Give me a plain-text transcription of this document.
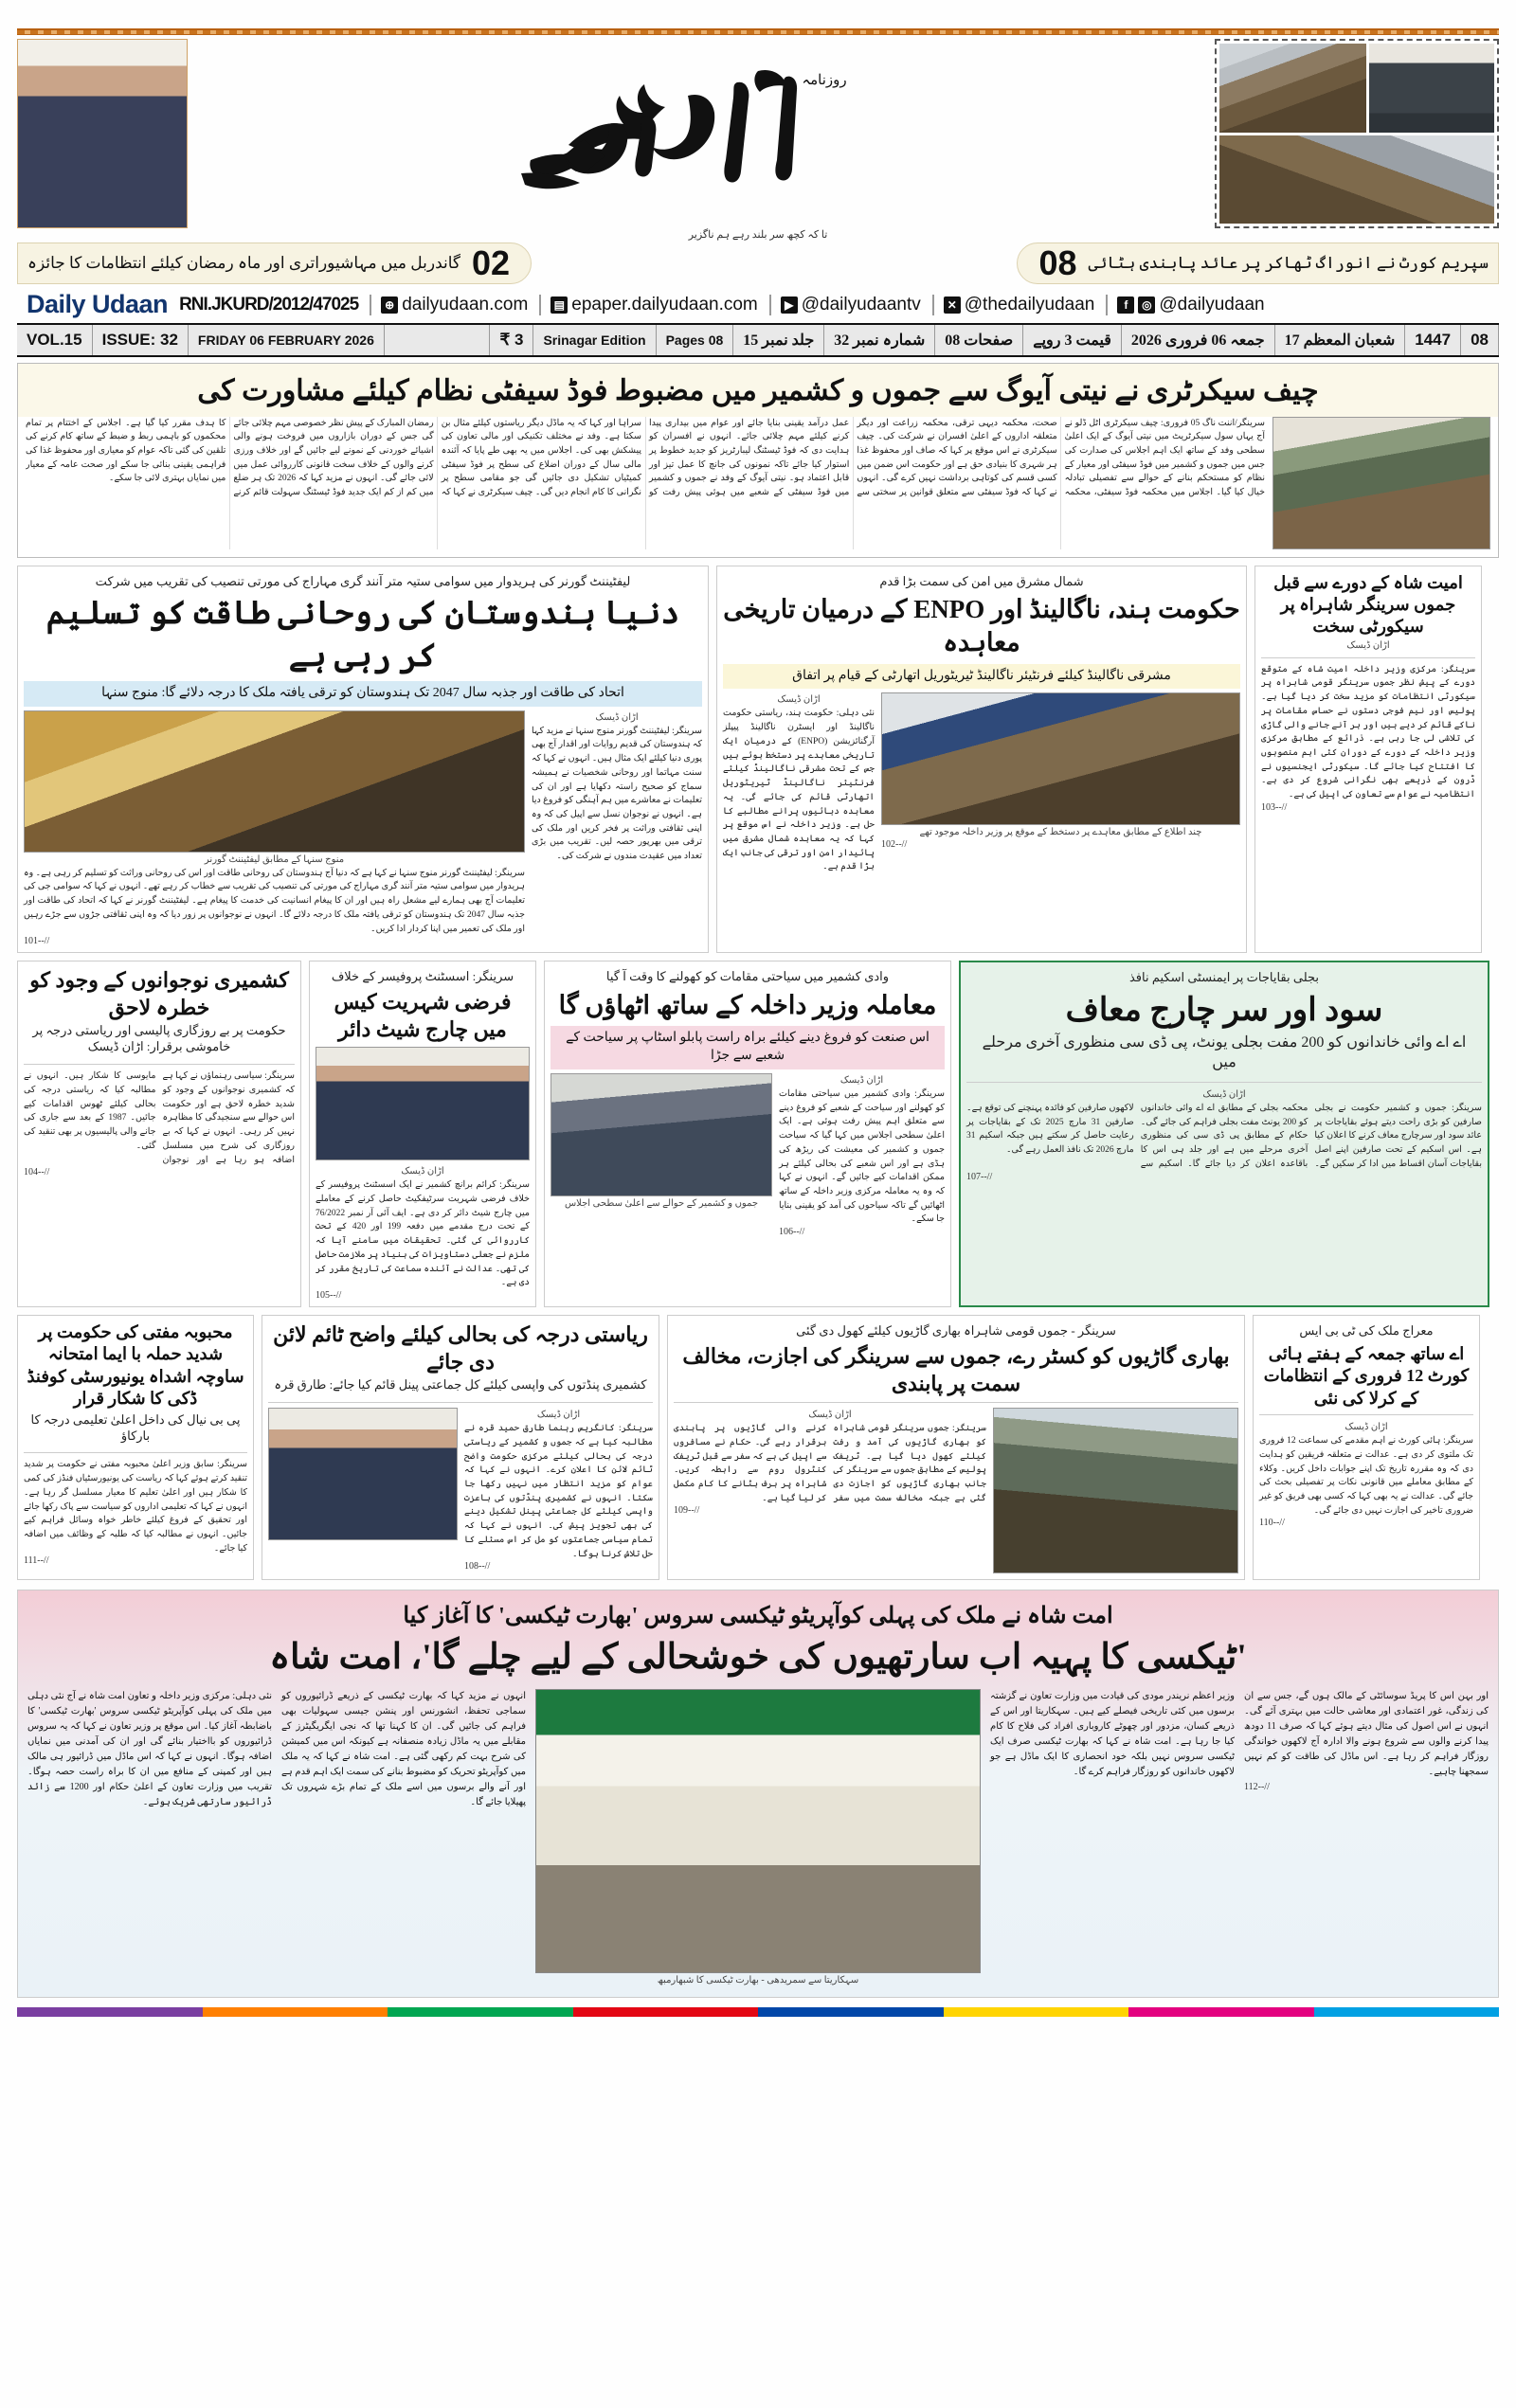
روزنامہ
تا کہ کچھ سر بلند رہے ہم ناگزیر
سپریم کورٹ نے انوراگ ٹھاکر پر عائد پابندی ہٹائی
08
02
گاندربل میں مہاشیوراتری اور ماہ رمضان کیلئے انتظامات کا جائزہ
Daily Udaan RNI.JKURD/2012/47025	⊕ dailyudaan.com ▤ epaper.dailyudaan.com	▶ @dailyudaantv	✕ @thedailyudaan	f	◎ @dailyudaan
VOL.15	ISSUE: 32	FRIDAY 06 FEBRUARY 2026	₹ 3	Srinagar Edition	Pages 08	جلد نمبر 15	شمارہ نمبر 32	صفحات 08	قیمت 3 روپے	جمعہ 06 فروری 2026	17 شعبان المعظم	1447	08
چیف سیکرٹری نے نیتی آیوگ سے جموں و کشمیر میں مضبوط فوڈ سیفٹی نظام کیلئے مشاورت کی
سرینگر/اننت ناگ 05 فروری: چیف سیکرٹری اٹل ڈلو نے آج یہاں سول سیکرٹریٹ میں نیتی آیوگ کے ایک اعلیٰ سطحی وفد کے ساتھ ایک اہم اجلاس کی صدارت کی جس میں جموں و کشمیر میں فوڈ سیفٹی اور معیار کے نظام کو مستحکم بنانے کے حوالے سے تفصیلی تبادلہ خیال کیا گیا۔ اجلاس میں محکمہ فوڈ سیفٹی، محکمہ صحت، محکمہ دیہی ترقی، محکمہ زراعت اور دیگر متعلقہ اداروں کے اعلیٰ افسران نے شرکت کی۔ چیف سیکرٹری نے اس موقع پر کہا کہ صاف اور محفوظ غذا ہر شہری کا بنیادی حق ہے اور حکومت اس ضمن میں کسی قسم کی کوتاہی برداشت نہیں کرے گی۔ انہوں نے کہا کہ فوڈ سیفٹی سے متعلق قوانین پر سختی سے عمل درآمد یقینی بنایا جائے اور عوام میں بیداری پیدا کرنے کیلئے مہم چلائی جائے۔ انہوں نے افسران کو ہدایت دی کہ فوڈ ٹیسٹنگ لیبارٹریز کو جدید خطوط پر استوار کیا جائے تاکہ نمونوں کی جانچ کا عمل تیز اور قابل اعتماد ہو۔ نیتی آیوگ کے وفد نے جموں و کشمیر میں فوڈ سیفٹی کے شعبے میں ہوئی پیش رفت کو سراہا اور کہا کہ یہ ماڈل دیگر ریاستوں کیلئے مثال بن سکتا ہے۔ وفد نے مختلف تکنیکی اور مالی تعاون کی پیشکش بھی کی۔ اجلاس میں یہ بھی طے پایا کہ آئندہ مالی سال کے دوران اضلاع کی سطح پر فوڈ سیفٹی کمیٹیاں تشکیل دی جائیں گی جو مقامی سطح پر نگرانی کا کام انجام دیں گی۔ چیف سیکرٹری نے کہا کہ رمضان المبارک کے پیش نظر خصوصی مہم چلائی جائے گی جس کے دوران بازاروں میں فروخت ہونے والی اشیائے خوردنی کے نمونے لیے جائیں گے اور خلاف ورزی کرنے والوں کے خلاف سخت قانونی کارروائی عمل میں لائی جائے گی۔ انہوں نے مزید کہا کہ 2026 تک ہر ضلع میں کم از کم ایک جدید فوڈ ٹیسٹنگ سہولت قائم کرنے کا ہدف مقرر کیا گیا ہے۔ اجلاس کے اختتام پر تمام محکموں کو باہمی ربط و ضبط کے ساتھ کام کرنے کی تلقین کی گئی تاکہ عوام کو معیاری اور محفوظ غذا کی فراہمی یقینی بنائی جا سکے اور صحت عامہ کے معیار میں نمایاں بہتری لائی جا سکے۔
لیفٹیننٹ گورنر کی ہریدوار میں سوامی ستیہ متر آنند گری مہاراج کی مورتی تنصیب کی تقریب میں شرکت
دنیا ہندوستان کی روحانی طاقت کو تسلیم کر رہی ہے
اتحاد کی طاقت اور جذبہ سال 2047 تک ہندوستان کو ترقی یافتہ ملک کا درجہ دلائے گا: منوج سنہا
منوج سنہا کے مطابق لیفٹیننٹ گورنر
سرینگر: لیفٹیننٹ گورنر منوج سنہا نے کہا ہے کہ دنیا آج ہندوستان کی روحانی طاقت اور اس کی روحانی وراثت کو تسلیم کر رہی ہے۔ وہ ہریدوار میں سوامی ستیہ متر آنند گری مہاراج کی مورتی کی تنصیب کی تقریب سے خطاب کر رہے تھے۔ انہوں نے کہا کہ سوامی جی کی تعلیمات آج بھی ہمارے لیے مشعل راہ ہیں اور ان کا پیغام انسانیت کی خدمت کا پیغام ہے۔ لیفٹیننٹ گورنر نے کہا کہ اتحاد کی طاقت اور جذبہ سال 2047 تک ہندوستان کو ترقی یافتہ ملک کا درجہ دلائے گا۔ انہوں نے نوجوانوں پر زور دیا کہ وہ اپنی ثقافتی جڑوں سے جڑے رہیں اور ملک کی تعمیر میں اپنا کردار ادا کریں۔
101--//
اڑان ڈیسک
سرینگر: لیفٹیننٹ گورنر منوج سنہا نے مزید کہا کہ ہندوستان کی قدیم روایات اور اقدار آج بھی پوری دنیا کیلئے ایک مثال ہیں۔ انہوں نے کہا کہ سنت مہاتما اور روحانی شخصیات نے ہمیشہ سماج کو صحیح راستہ دکھایا ہے اور ان کی تعلیمات نے معاشرے میں ہم آہنگی کو فروغ دیا ہے۔ انہوں نے نوجوان نسل سے اپیل کی کہ وہ اپنی ثقافتی وراثت پر فخر کریں اور ملک کی ترقی میں بھرپور حصہ لیں۔ تقریب میں بڑی تعداد میں عقیدت مندوں نے شرکت کی۔
شمال مشرق میں امن کی سمت بڑا قدم
حکومت ہند، ناگالینڈ اور ENPO کے درمیان تاریخی معاہدہ
مشرقی ناگالینڈ کیلئے فرنٹیئر ناگالینڈ ٹیریٹوریل اتھارٹی کے قیام پر اتفاق
اڑان ڈیسک
نئی دہلی: حکومت ہند، ریاستی حکومت ناگالینڈ اور ایسٹرن ناگالینڈ پیپلز آرگنائزیشن (ENPO) کے درمیان ایک تاریخی معاہدے پر دستخط ہوئے ہیں جس کے تحت مشرقی ناگالینڈ کیلئے فرنٹیئر ناگالینڈ ٹیریٹوریل اتھارٹی قائم کی جائے گی۔ یہ معاہدہ دہائیوں پرانے مطالبے کا حل ہے۔ وزیر داخلہ نے اس موقع پر کہا کہ یہ معاہدہ شمال مشرق میں پائیدار امن اور ترقی کی جانب ایک بڑا قدم ہے۔
چند اطلاع کے مطابق معاہدے پر دستخط کے موقع پر وزیر داخلہ موجود تھے
102--//
امیت شاہ کے دورے سے قبل جموں سرینگر شاہراہ پر سیکورٹی سخت
اڑان ڈیسک
سرینگر: مرکزی وزیر داخلہ امیت شاہ کے متوقع دورے کے پیش نظر جموں سرینگر قومی شاہراہ پر سیکورٹی انتظامات کو مزید سخت کر دیا گیا ہے۔ پولیس اور نیم فوجی دستوں نے حساس مقامات پر ناکے قائم کر دیے ہیں اور ہر آنے جانے والی گاڑی کی تلاشی لی جا رہی ہے۔ ذرائع کے مطابق مرکزی وزیر داخلہ کے دورے کے دوران کئی اہم منصوبوں کا افتتاح کیا جائے گا۔ سیکورٹی ایجنسیوں نے ڈرون کے ذریعے بھی نگرانی شروع کر دی ہے۔ انتظامیہ نے عوام سے تعاون کی اپیل کی ہے۔
103--//
کشمیری نوجوانوں کے وجود کو خطرہ لاحق
حکومت پر بے روزگاری پالیسی اور ریاستی درجہ پر خاموشی برقرار: اڑان ڈیسک
سرینگر: سیاسی رہنماؤں نے کہا ہے کہ کشمیری نوجوانوں کے وجود کو شدید خطرہ لاحق ہے اور حکومت اس حوالے سے سنجیدگی کا مظاہرہ نہیں کر رہی۔ انہوں نے کہا کہ بے روزگاری کی شرح میں مسلسل اضافہ ہو رہا ہے اور نوجوان مایوسی کا شکار ہیں۔ انہوں نے مطالبہ کیا کہ ریاستی درجہ کی بحالی کیلئے ٹھوس اقدامات کیے جائیں۔ 1987 کے بعد سے جاری کی جانے والی پالیسیوں پر بھی تنقید کی گئی۔
104--//
سرینگر: اسسٹنٹ پروفیسر کے خلاف
فرضی شہریت کیس میں چارج شیٹ دائر
اڑان ڈیسک
سرینگر: کرائم برانچ کشمیر نے ایک اسسٹنٹ پروفیسر کے خلاف فرضی شہریت سرٹیفکیٹ حاصل کرنے کے معاملے میں چارج شیٹ دائر کر دی ہے۔ ایف آئی آر نمبر 76/2022 کے تحت درج مقدمے میں دفعہ 199 اور 420 کے تحت کارروائی کی گئی۔ تحقیقات میں سامنے آیا کہ ملزم نے جعلی دستاویزات کی بنیاد پر ملازمت حاصل کی تھی۔ عدالت نے آئندہ سماعت کی تاریخ مقرر کر دی ہے۔
105--//
وادی کشمیر میں سیاحتی مقامات کو کھولنے کا وقت آ گیا
معاملہ وزیر داخلہ کے ساتھ اٹھاؤں گا
اس صنعت کو فروغ دینے کیلئے براہ راست پابلو اسٹاپ پر سیاحت کے شعبے سے جڑا
جموں و کشمیر کے حوالے سے اعلیٰ سطحی اجلاس
اڑان ڈیسک
سرینگر: وادی کشمیر میں سیاحتی مقامات کو کھولنے اور سیاحت کے شعبے کو فروغ دینے سے متعلق اہم پیش رفت ہوئی ہے۔ ایک اعلیٰ سطحی اجلاس میں کہا گیا کہ سیاحت جموں و کشمیر کی معیشت کی ریڑھ کی ہڈی ہے اور اس شعبے کی بحالی کیلئے ہر ممکن اقدامات کیے جائیں گے۔ انہوں نے کہا کہ وہ یہ معاملہ مرکزی وزیر داخلہ کے ساتھ اٹھائیں گے تاکہ سیاحوں کی آمد کو یقینی بنایا جا سکے۔
106--//
بجلی بقایاجات پر ایمنسٹی اسکیم نافذ
سود اور سر چارج معاف
اے اے وائی خاندانوں کو 200 مفت بجلی یونٹ، پی ڈی سی منظوری آخری مرحلے میں
اڑان ڈیسک
سرینگر: جموں و کشمیر حکومت نے بجلی صارفین کو بڑی راحت دیتے ہوئے بقایاجات پر عائد سود اور سرچارج معاف کرنے کا اعلان کیا ہے۔ اس اسکیم کے تحت صارفین اپنے اصل بقایاجات آسان اقساط میں ادا کر سکیں گے۔ محکمہ بجلی کے مطابق اے اے وائی خاندانوں کو 200 یونٹ مفت بجلی فراہم کی جائے گی۔ حکام کے مطابق پی ڈی سی کی منظوری آخری مرحلے میں ہے اور جلد ہی اس کا باقاعدہ اعلان کر دیا جائے گا۔ اسکیم سے لاکھوں صارفین کو فائدہ پہنچنے کی توقع ہے۔ صارفین 31 مارچ 2025 تک کے بقایاجات پر رعایت حاصل کر سکتے ہیں جبکہ اسکیم 31 مارچ 2026 تک نافذ العمل رہے گی۔
107--//
محبوبہ مفتی کی حکومت پر شدید حملہ با ایما امتحانہ ساوچہ اشداہ یونیورسٹی کوفنڈ ڈکی کا شکار قرار
پی بی نیال کی داخل اعلیٰ تعلیمی درجہ کا بارکاؤ
سرینگر: سابق وزیر اعلیٰ محبوبہ مفتی نے حکومت پر شدید تنقید کرتے ہوئے کہا کہ ریاست کی یونیورسٹیاں فنڈز کی کمی کا شکار ہیں اور اعلیٰ تعلیم کا معیار مسلسل گر رہا ہے۔ انہوں نے کہا کہ تعلیمی اداروں کو سیاست سے پاک رکھا جائے اور تحقیق کے فروغ کیلئے خاطر خواہ وسائل فراہم کیے جائیں۔ انہوں نے مطالبہ کیا کہ طلبہ کے وظائف میں اضافہ کیا جائے۔
111--//
ریاستی درجہ کی بحالی کیلئے واضح ٹائم لائن دی جائے
کشمیری پنڈتوں کی واپسی کیلئے کل جماعتی پینل قائم کیا جائے: طارق قرہ
اڑان ڈیسک
سرینگر: کانگریس رہنما طارق حمید قرہ نے مطالبہ کیا ہے کہ جموں و کشمیر کے ریاستی درجہ کی بحالی کیلئے مرکزی حکومت واضح ٹائم لائن کا اعلان کرے۔ انہوں نے کہا کہ عوام کو مزید انتظار میں نہیں رکھا جا سکتا۔ انہوں نے کشمیری پنڈتوں کی باعزت واپسی کیلئے کل جماعتی پینل تشکیل دینے کی بھی تجویز پیش کی۔ انہوں نے کہا کہ تمام سیاسی جماعتوں کو مل کر اس مسئلے کا حل تلاش کرنا ہوگا۔
108--//
سرینگر - جموں قومی شاہراہ بھاری گاڑیوں کیلئے کھول دی گئی
بھاری گاڑیوں کو کسٹر رے، جموں سے سرینگر کی اجازت، مخالف سمت پر پابندی
اڑان ڈیسک
سرینگر: جموں سرینگر قومی شاہراہ کو بھاری گاڑیوں کی آمد و رفت کیلئے کھول دیا گیا ہے۔ ٹریفک پولیس کے مطابق جموں سے سرینگر کی جانب بھاری گاڑیوں کو اجازت دی گئی ہے جبکہ مخالف سمت میں سفر کرنے والی گاڑیوں پر پابندی برقرار رہے گی۔ حکام نے مسافروں سے اپیل کی ہے کہ سفر سے قبل ٹریفک کنٹرول روم سے رابطہ کریں۔ شاہراہ پر برف ہٹانے کا کام مکمل کر لیا گیا ہے۔
109--//
معراج ملک کی ٹی بی ایس
اے ساتھ جمعہ کے ہفتے ہائی کورٹ 12 فروری کے انتظامات کے کرلا کی نئی
اڑان ڈیسک
سرینگر: ہائی کورٹ نے اہم مقدمے کی سماعت 12 فروری تک ملتوی کر دی ہے۔ عدالت نے متعلقہ فریقین کو ہدایت دی کہ وہ مقررہ تاریخ تک اپنے جوابات داخل کریں۔ وکلاء کے مطابق معاملے میں قانونی نکات پر تفصیلی بحث کی جائے گی۔ عدالت نے یہ بھی کہا کہ کسی بھی فریق کو غیر ضروری تاخیر کی اجازت نہیں دی جائے گی۔
110--//
امت شاہ نے ملک کی پہلی کوآپریٹو ٹیکسی سروس 'بھارت ٹیکسی' کا آغاز کیا
'ٹیکسی کا پہیہ اب سارتھیوں کی خوشحالی کے لیے چلے گا'، امت شاہ
نئی دہلی: مرکزی وزیر داخلہ و تعاون امت شاہ نے آج نئی دہلی میں ملک کی پہلی کوآپریٹو ٹیکسی سروس 'بھارت ٹیکسی' کا باضابطہ آغاز کیا۔ اس موقع پر وزیر تعاون نے کہا کہ یہ سروس ڈرائیوروں کو بااختیار بنائے گی اور ان کی آمدنی میں نمایاں اضافہ ہوگا۔ انہوں نے کہا کہ اس ماڈل میں ڈرائیور ہی مالک ہیں اور کمپنی کے منافع میں ان کا براہ راست حصہ ہوگا۔ تقریب میں وزارت تعاون کے اعلیٰ حکام اور 1200 سے زائد ڈرائیور سارتھی شریک ہوئے۔
انہوں نے مزید کہا کہ بھارت ٹیکسی کے ذریعے ڈرائیوروں کو سماجی تحفظ، انشورنس اور پنشن جیسی سہولیات بھی فراہم کی جائیں گی۔ ان کا کہنا تھا کہ نجی ایگریگیٹرز کے مقابلے میں یہ ماڈل زیادہ منصفانہ ہے کیونکہ اس میں کمیشن کی شرح بہت کم رکھی گئی ہے۔ امت شاہ نے کہا کہ یہ ملک میں کوآپریٹو تحریک کو مضبوط بنانے کی سمت ایک اہم قدم ہے اور آنے والے برسوں میں اسے ملک کے تمام بڑے شہروں تک پھیلایا جائے گا۔
سہکاریتا سے سمریدھی - بھارت ٹیکسی کا شبھارمبھ
وزیر اعظم نریندر مودی کی قیادت میں وزارت تعاون نے گزشتہ برسوں میں کئی تاریخی فیصلے کیے ہیں۔ سہکاریتا اور اس کے ذریعے کسان، مزدور اور چھوٹے کاروباری افراد کی فلاح کا کام کیا جا رہا ہے۔ امت شاہ نے کہا کہ بھارت ٹیکسی صرف ایک ٹیکسی سروس نہیں بلکہ خود انحصاری کا ایک ماڈل ہے جو لاکھوں خاندانوں کو روزگار فراہم کرے گا۔
اور بہن اس کا پریڈ سوسائٹی کے مالک ہوں گے، جس سے ان کی زندگی، غور اعتمادی اور معاشی حالت میں بہتری آئے گی۔ انہوں نے اس اصول کی مثال دیتے ہوئے کہا کہ صرف 11 دودھ پیدا کرنے والوں سے شروع ہونے والا ادارہ آج لاکھوں خواندگی روزگار فراہم کر رہا ہے۔ اس ماڈل کی طاقت کو کم نہیں سمجھنا چاہیے۔
112--//
